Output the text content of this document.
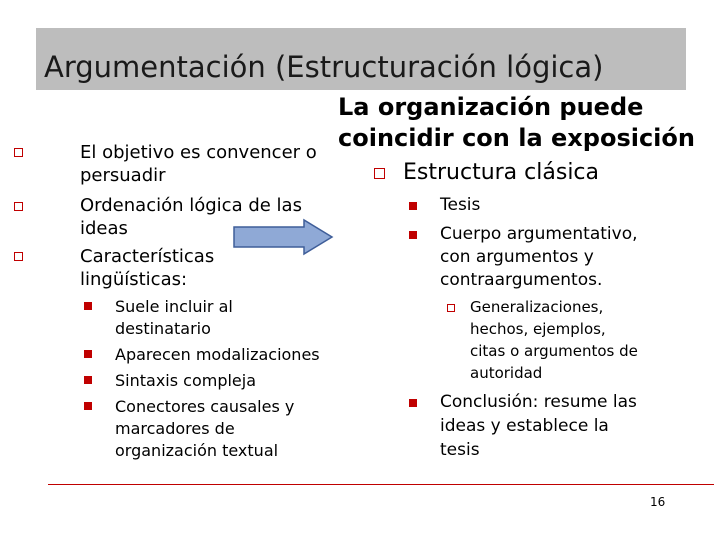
Argumentación (Estructuración lógica)
El objetivo es convencer o
persuadir
Ordenación lógica de las
ideas
Características
lingüísticas:
Suele incluir al
destinatario
Aparecen modalizaciones
Sintaxis compleja
Conectores causales y
marcadores de
organización textual
La organización puede
coincidir con la exposición
Estructura clásica
Tesis
Cuerpo argumentativo,
con argumentos y
contraargumentos.
Generalizaciones,
hechos, ejemplos,
citas o argumentos de
autoridad
Conclusión: resume las
ideas y establece la
tesis
16
